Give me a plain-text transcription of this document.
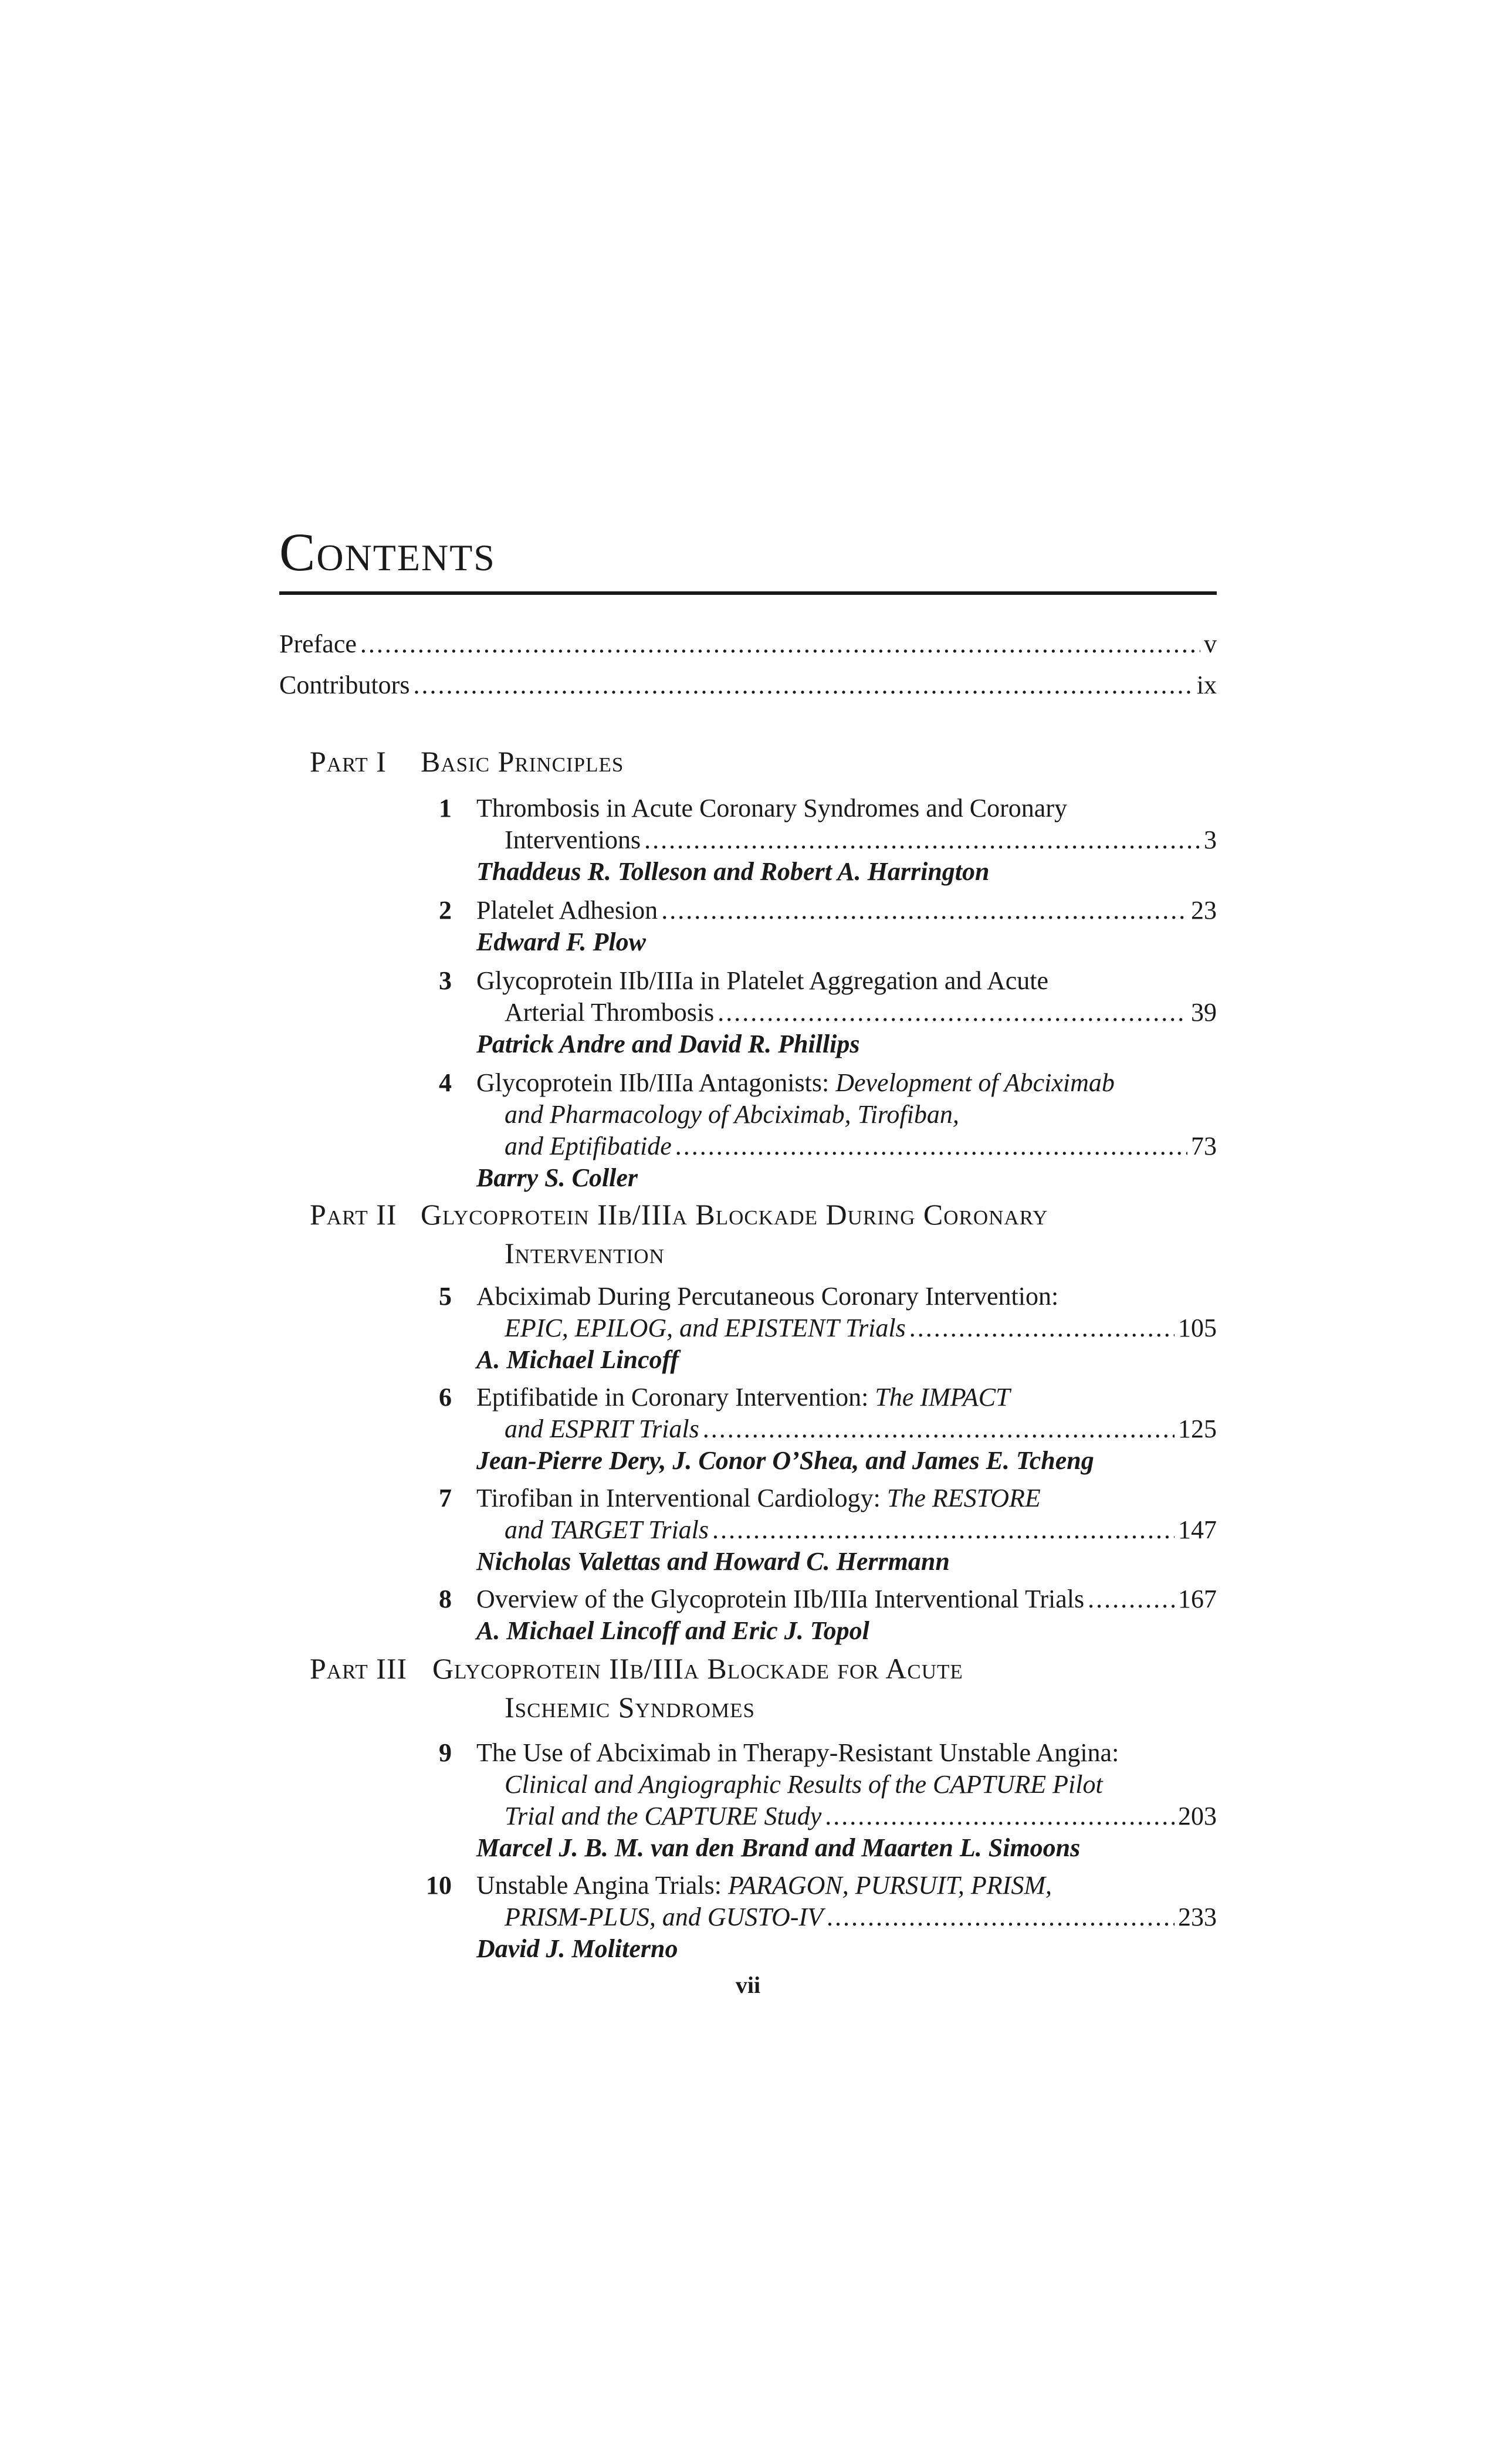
Contents
Preface . . .	v
Contributors . . .	ix
Part I Basic Principles
1 Thrombosis in Acute Coronary Syndromes and Coronary
Interventions . . .	3
Thaddeus R. Tolleson and Robert A. Harrington
2 Platelet Adhesion . . .	23
Edward F. Plow
3 Glycoprotein IIb/IIIa in Platelet Aggregation and Acute
Arterial Thrombosis . . .	39
Patrick Andre and David R. Phillips
4 Glycoprotein IIb/IIIa Antagonists: Development of Abciximab
and Pharmacology of Abciximab, Tirofiban,
and Eptifibatide . . .	73
Barry S. Coller
Part II Glycoprotein IIb/IIIa Blockade During Coronary
Intervention
5 Abciximab During Percutaneous Coronary Intervention:
EPIC, EPILOG, and EPISTENT Trials . . .	105
A. Michael Lincoff
6 Eptifibatide in Coronary Intervention: The IMPACT
and ESPRIT Trials . . .	125
Jean-Pierre Dery, J. Conor O’Shea, and James E. Tcheng
7 Tirofiban in Interventional Cardiology: The RESTORE
and TARGET Trials . . .	147
Nicholas Valettas and Howard C. Herrmann
8 Overview of the Glycoprotein IIb/IIIa Interventional Trials . . .	167
A. Michael Lincoff and Eric J. Topol
Part III Glycoprotein IIb/IIIa Blockade for Acute
Ischemic Syndromes
9 The Use of Abciximab in Therapy-Resistant Unstable Angina:
Clinical and Angiographic Results of the CAPTURE Pilot
Trial and the CAPTURE Study . . .	203
Marcel J. B. M. van den Brand and Maarten L. Simoons
10 Unstable Angina Trials: PARAGON, PURSUIT, PRISM,
PRISM-PLUS, and GUSTO-IV . . .	233
David J. Moliterno
vii
